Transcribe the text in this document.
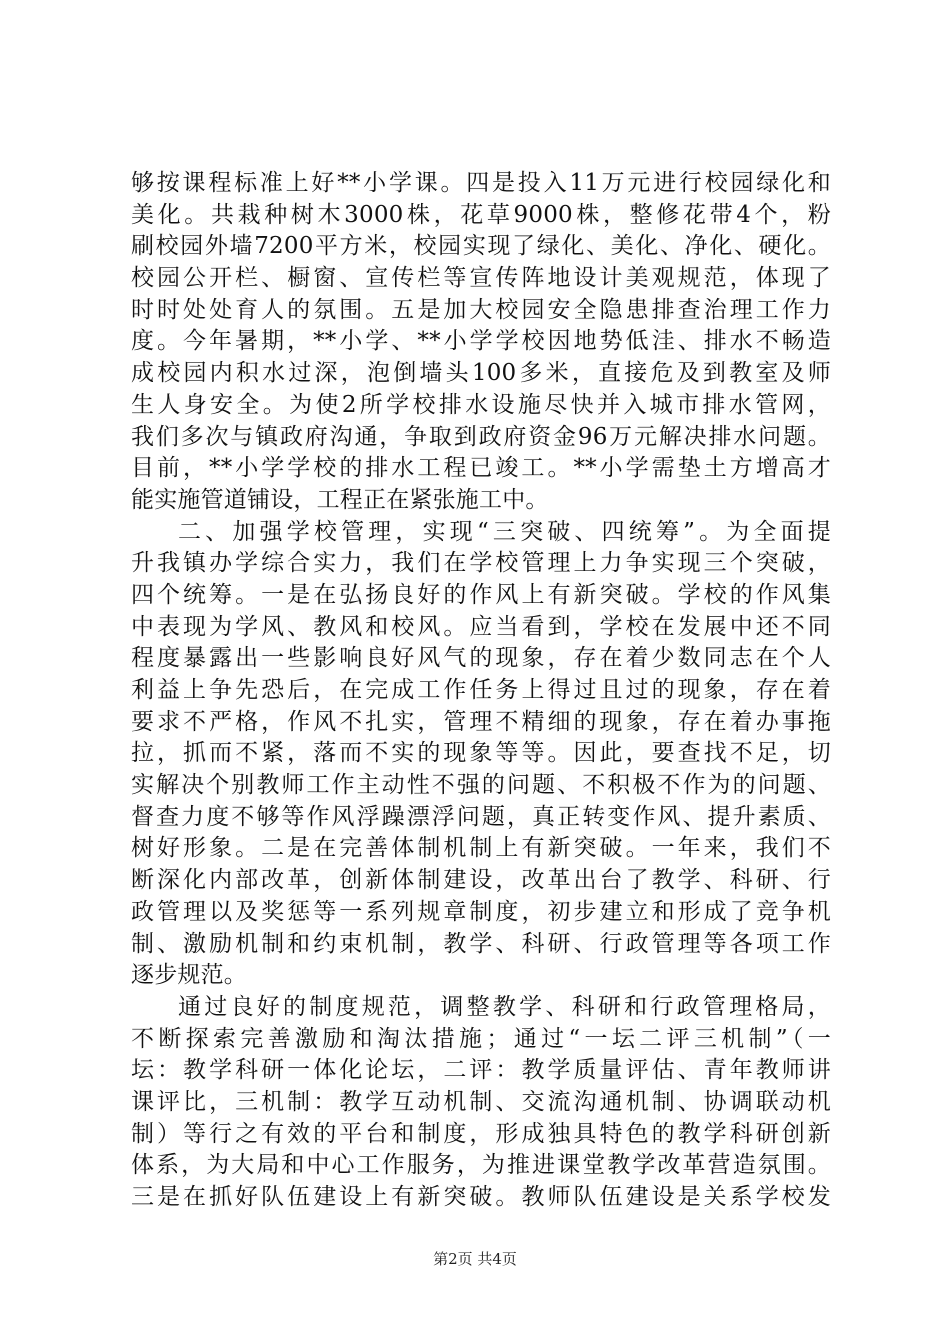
够按课程标准上好**小学课。四是投入11万元进行校园绿化和
美化。共栽种树木3000株，花草9000株，整修花带4个，粉
刷校园外墙7200平方米，校园实现了绿化、美化、净化、硬化。
校园公开栏、橱窗、宣传栏等宣传阵地设计美观规范，体现了
时时处处育人的氛围。五是加大校园安全隐患排查治理工作力
度。今年暑期，**小学、**小学学校因地势低洼、排水不畅造
成校园内积水过深，泡倒墙头100多米，直接危及到教室及师
生人身安全。为使2所学校排水设施尽快并入城市排水管网，
我们多次与镇政府沟通，争取到政府资金96万元解决排水问题。
目前，**小学学校的排水工程已竣工。**小学需垫土方增高才
能实施管道铺设，工程正在紧张施工中。
二、加强学校管理，实现“三突破、四统筹”。为全面提
升我镇办学综合实力，我们在学校管理上力争实现三个突破，
四个统筹。一是在弘扬良好的作风上有新突破。学校的作风集
中表现为学风、教风和校风。应当看到，学校在发展中还不同
程度暴露出一些影响良好风气的现象，存在着少数同志在个人
利益上争先恐后，在完成工作任务上得过且过的现象，存在着
要求不严格，作风不扎实，管理不精细的现象，存在着办事拖
拉，抓而不紧，落而不实的现象等等。因此，要查找不足，切
实解决个别教师工作主动性不强的问题、不积极不作为的问题、
督查力度不够等作风浮躁漂浮问题，真正转变作风、提升素质、
树好形象。二是在完善体制机制上有新突破。一年来，我们不
断深化内部改革，创新体制建设，改革出台了教学、科研、行
政管理以及奖惩等一系列规章制度，初步建立和形成了竞争机
制、激励机制和约束机制，教学、科研、行政管理等各项工作
逐步规范。
通过良好的制度规范，调整教学、科研和行政管理格局，
不断探索完善激励和淘汰措施；通过“一坛二评三机制”（一
坛：教学科研一体化论坛，二评：教学质量评估、青年教师讲
课评比，三机制：教学互动机制、交流沟通机制、协调联动机
制）等行之有效的平台和制度，形成独具特色的教学科研创新
体系，为大局和中心工作服务，为推进课堂教学改革营造氛围。
三是在抓好队伍建设上有新突破。教师队伍建设是关系学校发
第2页 共4页
